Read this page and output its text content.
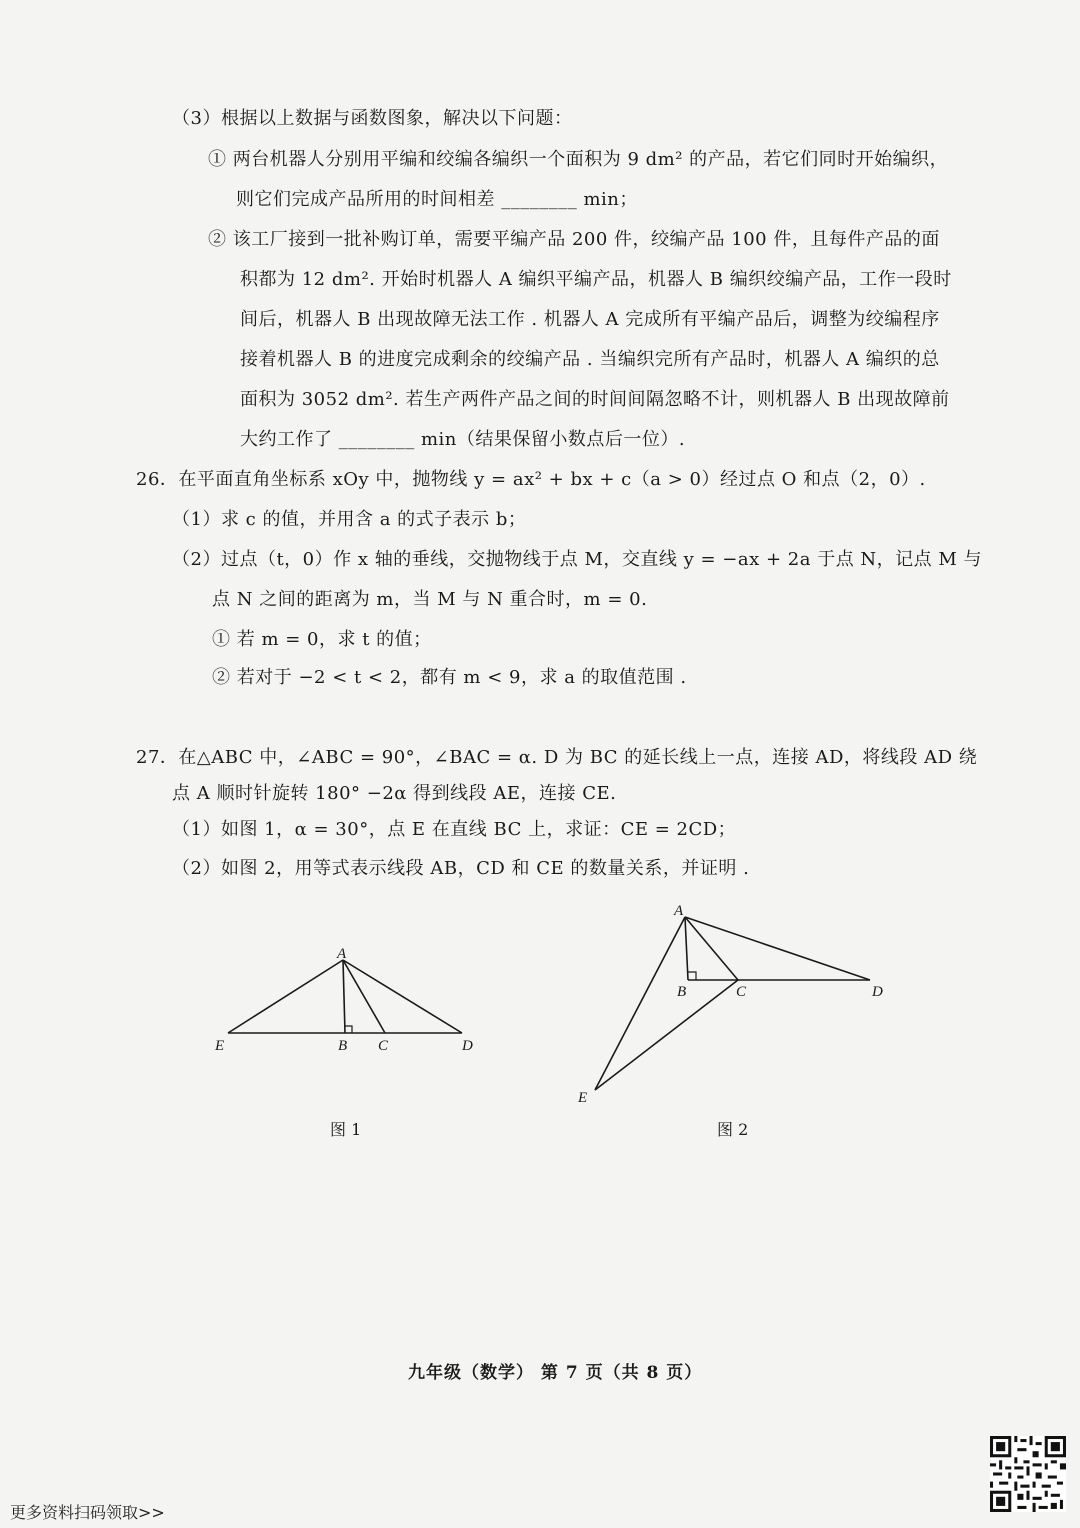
（3）根据以上数据与函数图象，解决以下问题：
① 两台机器人分别用平编和绞编各编织一个面积为 9 dm² 的产品，若它们同时开始编织，
则它们完成产品所用的时间相差 ________ min；
② 该工厂接到一批补购订单，需要平编产品 200 件，绞编产品 100 件，且每件产品的面
积都为 12 dm². 开始时机器人 A 编织平编产品，机器人 B 编织绞编产品，工作一段时
间后，机器人 B 出现故障无法工作 . 机器人 A 完成所有平编产品后，调整为绞编程序
接着机器人 B 的进度完成剩余的绞编产品 . 当编织完所有产品时，机器人 A 编织的总
面积为 3052 dm². 若生产两件产品之间的时间间隔忽略不计，则机器人 B 出现故障前
大约工作了 ________ min（结果保留小数点后一位）.
26．在平面直角坐标系 xOy 中，抛物线 y = ax² + bx + c（a > 0）经过点 O 和点（2，0）.
（1）求 c 的值，并用含 a 的式子表示 b；
（2）过点（t，0）作 x 轴的垂线，交抛物线于点 M，交直线 y = −ax + 2a 于点 N，记点 M 与
点 N 之间的距离为 m，当 M 与 N 重合时，m = 0.
① 若 m = 0，求 t 的值；
② 若对于 −2 < t < 2，都有 m < 9，求 a 的取值范围 .
27．在△ABC 中，∠ABC = 90°，∠BAC = α. D 为 BC 的延长线上一点，连接 AD，将线段 AD 绕
点 A 顺时针旋转 180° −2α 得到线段 AE，连接 CE.
（1）如图 1，α = 30°，点 E 在直线 BC 上，求证：CE = 2CD；
（2）如图 2，用等式表示线段 AB，CD 和 CE 的数量关系，并证明 .
A
B C	D
E
图 1
A
B	C	D
E
图 2
九年级（数学） 第 7 页（共 8 页）
更多资料扫码领取>>
